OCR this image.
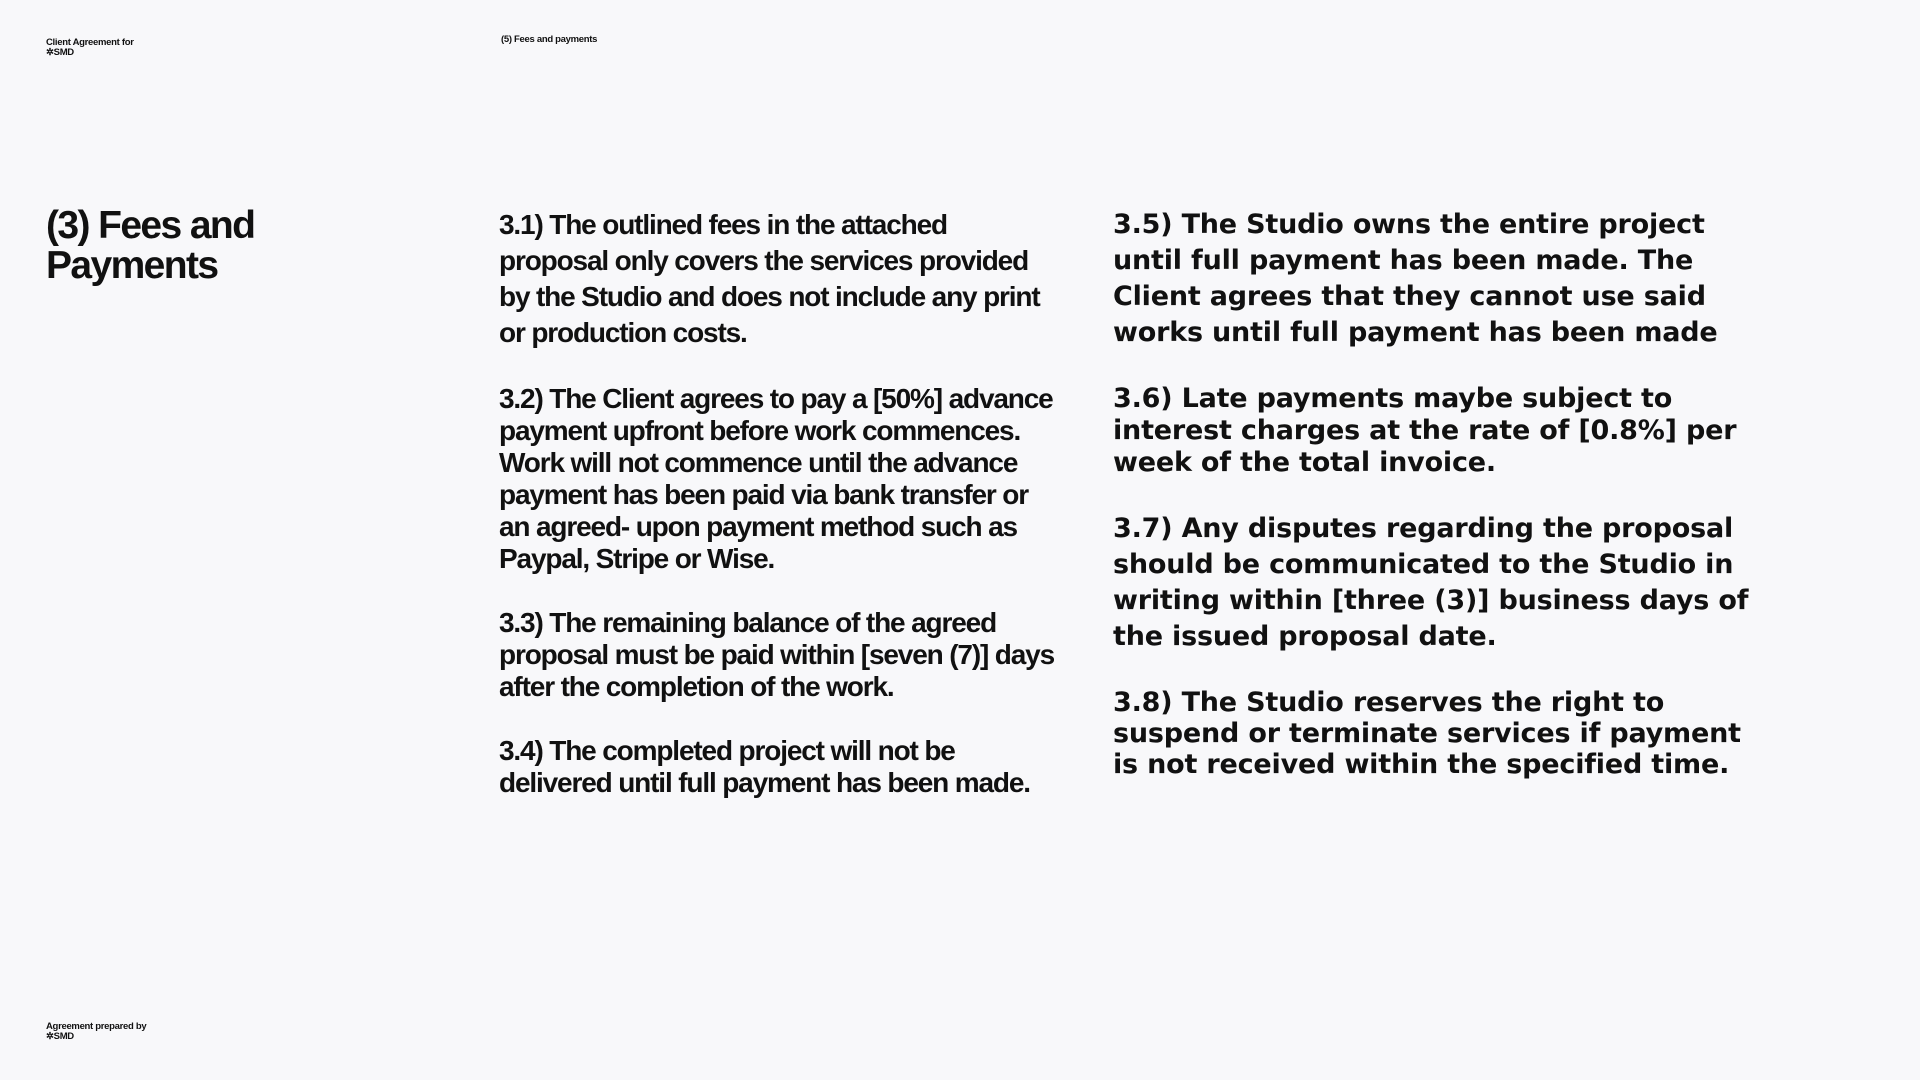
Client Agreement for
✲SMD
(5) Fees and payments
(3) Fees and Payments

3.1) The outlined fees in the attached proposal only covers the services provided by the Studio and does not include any print or production costs.

3.2) The Client agrees to pay a [50%] advance payment upfront before work commences. Work will not commence until the advance payment has been paid via bank transfer or an agreed- upon payment method such as Paypal, Stripe or Wise.

3.3) The remaining balance of the agreed proposal must be paid within [seven (7)] days after the completion of the work.

3.4) The completed project will not be delivered until full payment has been made.

3.5) The Studio owns the entire project until full payment has been made. The Client agrees that they cannot use said works until full payment has been made

3.6) Late payments maybe subject to interest charges at the rate of [0.8%] per week of the total invoice.

3.7) Any disputes regarding the proposal should be communicated to the Studio in writing within [three (3)] business days of the issued proposal date.

3.8) The Studio reserves the right to suspend or terminate services if payment is not received within the specified time.

Agreement prepared by
✲SMD
